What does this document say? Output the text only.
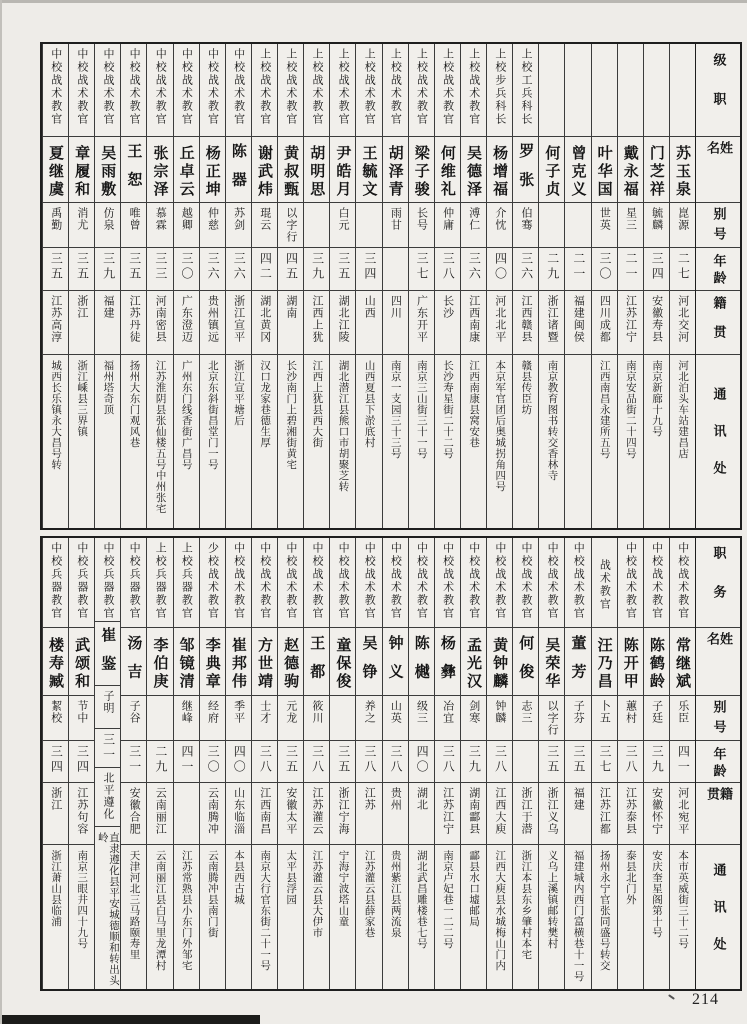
级职
姓名
别号
年龄
籍贯
通讯处
苏玉泉
崑源
二七
河北交河
河北泊头车站建昌店
门芝祥
毓麟
三四
安徽寿县
南京新廊十九号
戴永福
星三
二一
江苏江宁
南京安品街二十四号
叶华国
世英
三〇
四川成都
江西南昌永建所五号
曾克义
二一
福建闽侯
何子贞
二九
浙江诸暨
南京教育图书转交香林寺
上校工兵科长
罗张
伯骞
三六
江西赣县
赣县传臣坊
上校步兵科长
杨增福
介忱
四〇
河北北平
本京军官团后奥城拐角四号
上校战术教官
吴德泽
溥仁
三六
江西南康
江西南康县窝安巷
上校战术教官
何维礼
仲庸
三八
长沙
长沙寿星街二十二号
上校战术教官
梁子骏
长号
三七
广东开平
南京三山街三十一号
上校战术教官
胡泽青
雨甘
四川
南京一支园三十三号
上校战术教官
王毓文
三四
山西
山西夏县下淤底村
上校战术教官
尹皓月
白元
三五
湖北江陵
湖北潜江县熊口市胡聚芝转
上校战术教官
胡明思
三九
江西上犹
江西上犹县西大街
上校战术教官
黄叔甄
以字行
四五
湖南
长沙南门上碧湘街黄宅
上校战术教官
谢武炜
琨云
四二
湖北黄冈
汉口龙家巷德生厚
中校战术教官
陈器
苏剑
三六
浙江宣平
浙江宣平塘后
中校战术教官
杨正坤
仲慈
三六
贵州镇远
北京东斜街昌堂门一号
中校战术教官
丘卓云
越卿
三〇
广东澄迈
广州东门线香街广昌号
中校战术教官
张宗泽
慕霖
三三
河南密县
江苏淮阴县张仙楼五号中州张宅
中校战术教官
王恕
唯曾
三五
江苏丹徒
扬州大东门观风巷
中校战术教官
吴雨敷
仿泉
三九
福建
福州塔奇顶
中校战术教官
章履和
消尤
三五
浙江
浙江嵊县三界镇
中校战术教官
夏继虞
禹勤
三五
江苏高淳
城西长乐镇永大昌号转
职务
姓名
别号
年龄
籍贯
通讯处
中校战术教官
常继斌
乐臣
四一
河北宛平
本市英威街三十二号
中校战术教官
陈鹤龄
子廷
三九
安徽怀宁
安庆奎星阁第十号
中校战术教官
陈开甲
蕙村
三八
江苏泰县
泰县北门外
战术教官
汪乃昌
卜五
三七
江苏江都
扬州永宁官张同盛号转交
中校战术教官
董芳
子芬
三五
福建
福建城内西门富横巷十一号
中校战术教官
吴荣华
以字行
三五
浙江义乌
义乌上溪镇邮转樊村
中校战术教官
何俊
志三
浙江于潜
浙江本县东乡肇村本宅
中校战术教官
黄钟麟
钟麟
三八
江西大庾
江西大庾县水城梅山门内
中校战术教官
孟光汉
剑寒
三九
湖南酃县
酃县水口墟邮局
中校战术教官
杨彝
冶宜
三八
江苏江宁
南京卢妃巷一二二号
中校战术教官
陈樾
级三
四〇
湖北
湖北武昌雕楼巷七号
中校战术教官
钟义
山英
三八
贵州
贵州紫江县两流泉
中校战术教官
吴铮
养之
三八
江苏
江苏灌云县薛家巷
中校战术教官
童保俊
三五
浙江宁海
宁海宁波塔山童
中校战术教官
王都
筱川
三八
江苏灌云
江苏灌云县大伊市
中校战术教官
赵德驹
元龙
三五
安徽太平
太平县浮园
中校战术教官
方世靖
士才
三八
江西南昌
南京大行官东街二十一号
中校战术教官
崔邦伟
季平
四〇
山东临淄
本县西古城
少校战术教官
李典章
经府
三〇
云南腾冲
云南腾冲县南门街
上校兵器教官
邹镜清
继峰
四一
江苏常熟县小东门外邹宅
上校兵器教官
李伯庚
二九
云南丽江
云南丽江县白马里龙潭村
中校兵器教官
汤吉
子谷
三一
安徽合肥
天津河北三马路颐寿里
中校兵器教官
崔鉴
子明
三一
北平遵化
直隶遵化县平安城德顺和转出头岭
中校兵器教官
武颂和
节中
三四
江苏句容
南京三眼井四十九号
中校兵器教官
楼寿臧
絜校
三四
浙江
浙江萧山县临浦
214
